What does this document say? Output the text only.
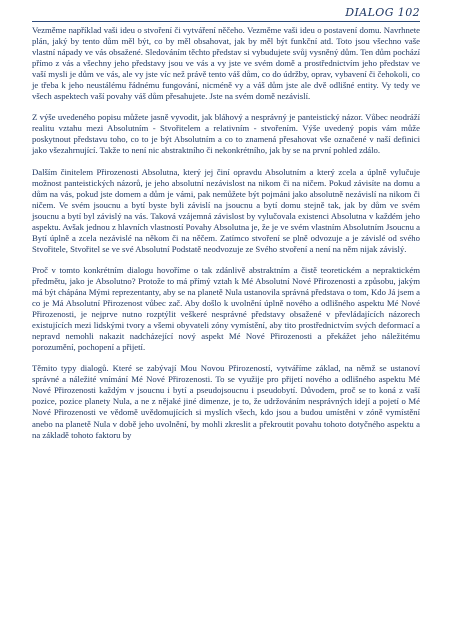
DIALOG 102

Vezměme například vaši ideu o stvoření či vytváření něčeho. Vezměme vaši ideu o postavení domu. Navrhnete plán, jaký by tento dům měl být, co by měl obsahovat, jak by měl být funkční atd. Toto jsou všechno vaše vlastní nápady ve vás obsažené. Sledováním těchto představ si vybudujete svůj vysněný dům. Ten dům pochází přímo z vás a všechny jeho představy jsou ve vás a vy jste ve svém domě a prostřednictvím jeho představ ve vaší mysli je dům ve vás, ale vy jste víc než právě tento váš dům, co do údržby, oprav, vybavení či čehokoli, co je třeba k jeho neustálému řádnému fungování, nicméně vy a váš dům jste ale dvě odlišné entity. Vy tedy ve všech aspektech vaší povahy váš dům přesahujete. Jste na svém domě nezávislí.

Z výše uvedeného popisu můžete jasně vyvodit, jak bláhový a nesprávný je panteistický názor. Vůbec neodráží realitu vztahu mezi Absolutním - Stvořitelem a relativním - stvořením. Výše uvedený popis vám může poskytnout představu toho, co to je být Absolutním a co to znamená přesahovat vše označené v naší definici jako všezahrnující. Takže to není nic abstraktního či nekonkrétního, jak by se na první pohled zdálo.

Dalším činitelem Přirozenosti Absolutna, který jej činí opravdu Absolutním a který zcela a úplně vylučuje možnost panteistických názorů, je jeho absolutní nezávislost na nikom či na ničem. Pokud závisíte na domu a dům na vás, pokud jste domem a dům je vámi, pak nemůžete být pojmáni jako absolutně nezávislí na nikom či ničem. Ve svém jsoucnu a bytí byste byli závislí na jsoucnu a bytí domu stejně tak, jak by dům ve svém jsoucnu a bytí byl závislý na vás. Taková vzájemná závislost by vylučovala existenci Absolutna v každém jeho aspektu. Avšak jednou z hlavních vlastností Povahy Absolutna je, že je ve svém vlastním Absolutním Jsoucnu a Bytí úplně a zcela nezávislé na někom či na něčem. Zatímco stvoření se plně odvozuje a je závislé od svého Stvořitele, Stvořitel se ve své Absolutní Podstatě neodvozuje ze Svého stvoření a není na něm nijak závislý.

Proč v tomto konkrétním dialogu hovoříme o tak zdánlivě abstraktním a čistě teoretickém a nepraktickém předmětu, jako je Absolutno? Protože to má přímý vztah k Mé Absolutní Nové Přirozenosti a způsobu, jakým má být chápána Mými reprezentanty, aby se na planetě Nula ustanovila správná představa o tom, Kdo Já jsem a co je Má Absolutní Přirozenost vůbec zač. Aby došlo k uvolnění úplně nového a odlišného aspektu Mé Nové Přirozenosti, je nejprve nutno rozptýlit veškeré nesprávné představy obsažené v převládajících názorech existujících mezi lidskými tvory a všemi obyvateli zóny vymístění, aby tito prostřednictvím svých deformací a nepravd nemohli nakazit nadcházející nový aspekt Mé Nové Přirozenosti a překážet jeho náležitému porozumění, pochopení a přijetí.

Těmito typy dialogů. Které se zabývají Mou Novou Přirozeností, vytváříme základ, na němž se ustanoví správné a náležité vnímání Mé Nové Přirozenosti. To se využije pro přijetí nového a odlišného aspektu Mé Nové Přirozenosti každým v jsoucnu i bytí a pseudojsoucnu i pseudobytí. Důvodem, proč se to koná z vaší pozice, pozice planety Nula, a ne z nějaké jiné dimenze, je to, že udržováním nesprávných idejí a pojetí o Mé Nové Přirozenosti ve vědomě uvědomujících si myslích všech, kdo jsou a budou umístěni v zóně vymístění anebo na planetě Nula v době jeho uvolnění, by mohli zkreslit a překroutit povahu tohoto dotyčného aspektu a na základě tohoto faktoru by
